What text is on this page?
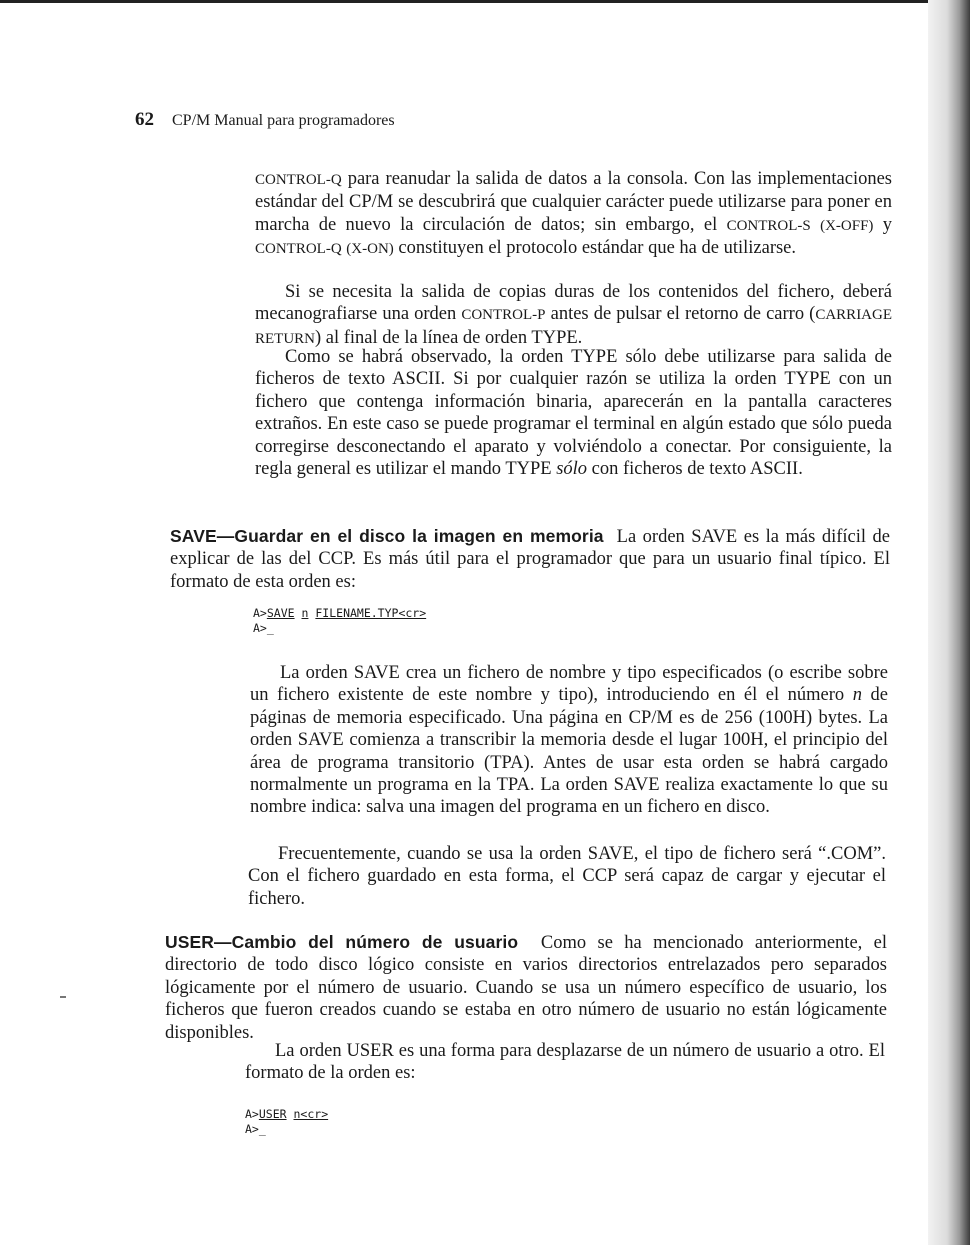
62 CP/M Manual para programadores
CONTROL-Q para reanudar la salida de datos a la consola. Con las implementaciones estándar del CP/M se descubrirá que cualquier carácter puede utilizarse para poner en marcha de nuevo la circulación de datos; sin embargo, el CONTROL-S (X-OFF) y CONTROL-Q (X-ON) constituyen el protocolo estándar que ha de utilizarse.
Si se necesita la salida de copias duras de los contenidos del fichero, deberá mecanografiarse una orden CONTROL-P antes de pulsar el retorno de carro (CARRIAGE RETURN) al final de la línea de orden TYPE.
Como se habrá observado, la orden TYPE sólo debe utilizarse para salida de ficheros de texto ASCII. Si por cualquier razón se utiliza la orden TYPE con un fichero que contenga información binaria, aparecerán en la pantalla caracteres extraños. En este caso se puede programar el terminal en algún estado que sólo pueda corregirse desconectando el aparato y volviéndolo a conectar. Por consiguiente, la regla general es utilizar el mando TYPE sólo con ficheros de texto ASCII.
SAVE—Guardar en el disco la imagen en memoria La orden SAVE es la más difícil de explicar de las del CCP. Es más útil para el programador que para un usuario final típico. El formato de esta orden es:
A>SAVE n FILENAME.TYP<cr>
A>_
La orden SAVE crea un fichero de nombre y tipo especificados (o escribe sobre un fichero existente de este nombre y tipo), introduciendo en él el número n de páginas de memoria especificado. Una página en CP/M es de 256 (100H) bytes. La orden SAVE comienza a transcribir la memoria desde el lugar 100H, el principio del área de programa transitorio (TPA). Antes de usar esta orden se habrá cargado normalmente un programa en la TPA. La orden SAVE realiza exactamente lo que su nombre indica: salva una imagen del programa en un fichero en disco.
Frecuentemente, cuando se usa la orden SAVE, el tipo de fichero será “.COM”. Con el fichero guardado en esta forma, el CCP será capaz de cargar y ejecutar el fichero.
USER—Cambio del número de usuario Como se ha mencionado anteriormente, el directorio de todo disco lógico consiste en varios directorios entrelazados pero separados lógicamente por el número de usuario. Cuando se usa un número específico de usuario, los ficheros que fueron creados cuando se estaba en otro número de usuario no están lógicamente disponibles.
La orden USER es una forma para desplazarse de un número de usuario a otro. El formato de la orden es:
A>USER n<cr>
A>_
